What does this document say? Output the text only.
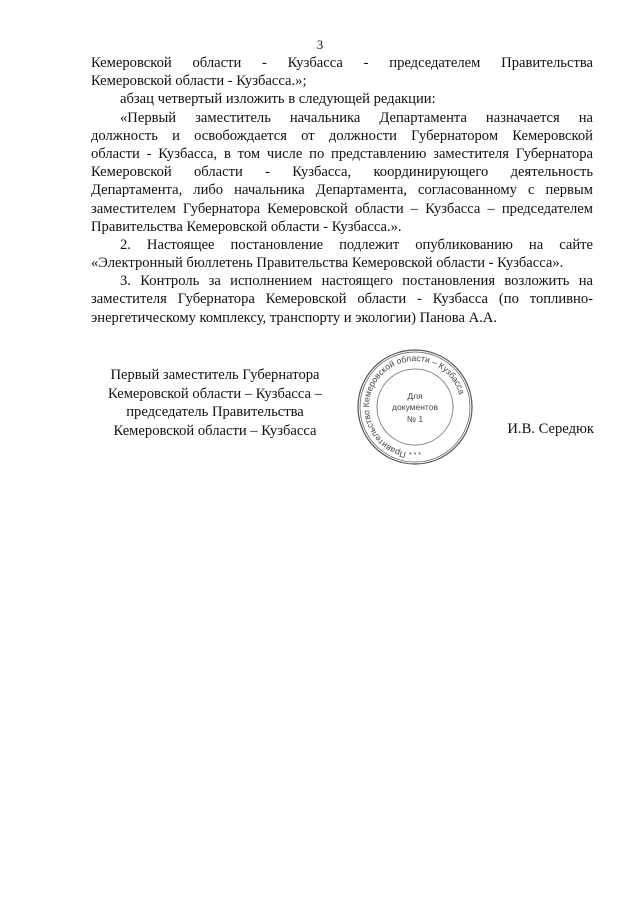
3
Кемеровской области - Кузбасса - председателем Правительства
Кемеровской области - Кузбасса.»;
абзац четвертый изложить в следующей редакции:
«Первый заместитель начальника Департамента назначается на
должность и освобождается от должности Губернатором Кемеровской
области - Кузбасса, в том числе по представлению заместителя Губернатора
Кемеровской области - Кузбасса, координирующего деятельность
Департамента, либо начальника Департамента, согласованному с первым
заместителем Губернатора Кемеровской области – Кузбасса – председателем
Правительства Кемеровской области - Кузбасса.».
2. Настоящее постановление подлежит опубликованию на сайте
«Электронный бюллетень Правительства Кемеровской области - Кузбасса».
3. Контроль за исполнением настоящего постановления возложить на
заместителя Губернатора Кемеровской области - Кузбасса (по топливно-
энергетическому комплексу, транспорту и экологии) Панова А.А.
Первый заместитель Губернатора
Кемеровской области – Кузбасса –
председатель Правительства
Кемеровской области – Кузбасса
Правительство Кемеровской области – Кузбасса
* * *
Для
документов
№ 1
И.В. Середюк
